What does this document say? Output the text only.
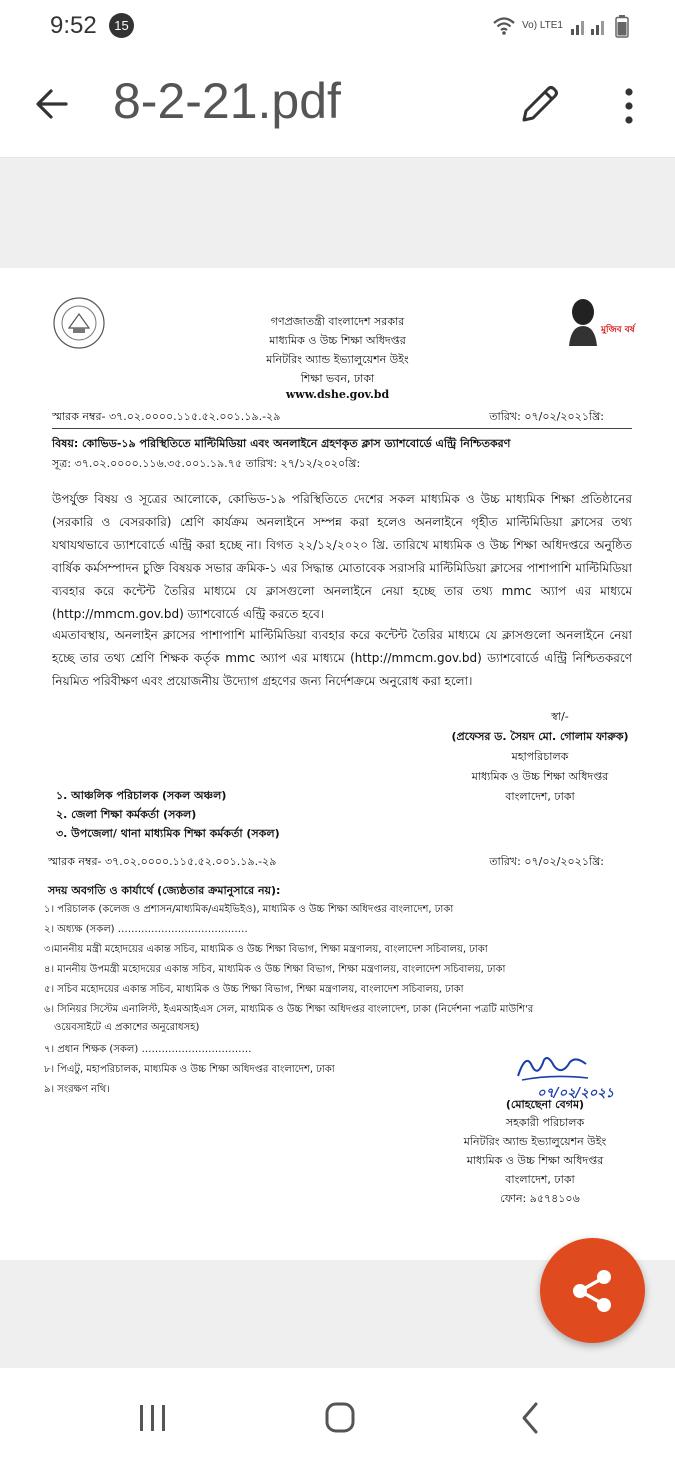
9:52	15	Vo) LTE1
8-2-21.pdf
মুজিব বর্ষ
গণপ্রজাতন্ত্রী বাংলাদেশ সরকার
মাধ্যমিক ও উচ্চ শিক্ষা অধিদপ্তর
মনিটরিং অ্যান্ড ইভ্যালুয়েশন উইং
শিক্ষা ভবন, ঢাকা
www.dshe.gov.bd
স্মারক নম্বর- ৩৭.০২.০০০০.১১৫.৫২.০০১.১৯.-২৯	তারিখ: ০৭/০২/২০২১খ্রি:
বিষয়: কোভিড-১৯ পরিস্থিতিতে মাল্টিমিডিয়া এবং অনলাইনে গ্রহণকৃত ক্লাস ড্যাশবোর্ডে এন্ট্রি নিশ্চিতকরণ
সূত্র: ৩৭.০২.০০০০.১১৬.৩৫.০০১.১৯.৭৫ তারিখ: ২৭/১২/২০২০খ্রি:
উপর্যুক্ত বিষয় ও সূত্রের আলোকে, কোভিড-১৯ পরিস্থিতিতে দেশের সকল মাধ্যমিক ও উচ্চ মাধ্যমিক শিক্ষা প্রতিষ্ঠানের (সরকারি ও বেসরকারি) শ্রেণি কার্যক্রম অনলাইনে সম্পন্ন করা হলেও অনলাইনে গৃহীত মাল্টিমিডিয়া ক্লাসের তথ্য যথাযথভাবে ড্যাশবোর্ডে এন্ট্রি করা হচ্ছে না। বিগত ২২/১২/২০২০ খ্রি. তারিখে মাধ্যমিক ও উচ্চ শিক্ষা অধিদপ্তরে অনুষ্ঠিত বার্ষিক কর্মসম্পাদন চুক্তি বিষয়ক সভার ক্রমিক-১ এর সিদ্ধান্ত মোতাবেক সরাসরি মাল্টিমিডিয়া ক্লাসের পাশাপাশি মাল্টিমিডিয়া ব্যবহার করে কন্টেন্ট তৈরির মাধ্যমে যে ক্লাসগুলো অনলাইনে নেয়া হচ্ছে তার তথ্য mmc অ্যাপ এর মাধ্যমে (http://mmcm.gov.bd) ড্যাশবোর্ডে এন্ট্রি করতে হবে।
এমতাবস্থায়, অনলাইন ক্লাসের পাশাপাশি মাল্টিমিডিয়া ব্যবহার করে কন্টেন্ট তৈরির মাধ্যমে যে ক্লাসগুলো অনলাইনে নেয়া হচ্ছে তার তথ্য শ্রেণি শিক্ষক কর্তৃক mmc অ্যাপ এর মাধ্যমে (http://mmcm.gov.bd) ড্যাশবোর্ডে এন্ট্রি নিশ্চিতকরণে নিয়মিত পরিবীক্ষণ এবং প্রয়োজনীয় উদ্যোগ গ্রহণের জন্য নির্দেশক্রমে অনুরোধ করা হলো।
স্বা/-
(প্রফেসর ড. সৈয়দ মো. গোলাম ফারুক)
মহাপরিচালক
মাধ্যমিক ও উচ্চ শিক্ষা অধিদপ্তর
বাংলাদেশ, ঢাকা
১. আঞ্চলিক পরিচালক (সকল অঞ্চল)
২. জেলা শিক্ষা কর্মকর্তা (সকল)
৩. উপজেলা/ থানা মাধ্যমিক শিক্ষা কর্মকর্তা (সকল)
স্মারক নম্বর- ৩৭.০২.০০০০.১১৫.৫২.০০১.১৯.-২৯	তারিখ: ০৭/০২/২০২১খ্রি:
সদয় অবগতি ও কার্যার্থে (জ্যেষ্ঠতার ক্রমানুসারে নয়):
১। পরিচালক (কলেজ ও প্রশাসন/মাধ্যমিক/এমইভিইও), মাধ্যমিক ও উচ্চ শিক্ষা অধিদপ্তর বাংলাদেশ, ঢাকা
২। অধ্যক্ষ (সকল) …………………………………
৩।মাননীয় মন্ত্রী মহোদয়ের একান্ত সচিব, মাধ্যমিক ও উচ্চ শিক্ষা বিভাগ, শিক্ষা মন্ত্রণালয়, বাংলাদেশ সচিবালয়, ঢাকা
৪। মাননীয় উপমন্ত্রী মহোদয়ের একান্ত সচিব, মাধ্যমিক ও উচ্চ শিক্ষা বিভাগ, শিক্ষা মন্ত্রণালয়, বাংলাদেশ সচিবালয়, ঢাকা
৫। সচিব মহোদয়ের একান্ত সচিব, মাধ্যমিক ও উচ্চ শিক্ষা বিভাগ, শিক্ষা মন্ত্রণালয়, বাংলাদেশ সচিবালয়, ঢাকা
৬। সিনিয়র সিস্টেম এনালিস্ট, ইএমআইএস সেল, মাধ্যমিক ও উচ্চ শিক্ষা অধিদপ্তর বাংলাদেশ, ঢাকা (নির্দেশনা পত্রটি মাউশি'র
ওয়েবসাইটে এ প্রকাশের অনুরোধসহ)
৭। প্রধান শিক্ষক (সকল) ……………………………
৮। পিএটু, মহাপরিচালক, মাধ্যমিক ও উচ্চ শিক্ষা অধিদপ্তর বাংলাদেশ, ঢাকা
৯। সংরক্ষণ নথি।	০৭/০২/২০২১
(মোহছেনা বেগম)
সহকারী পরিচালক
মনিটরিং অ্যান্ড ইভ্যালুয়েশন উইং
মাধ্যমিক ও উচ্চ শিক্ষা অধিদপ্তর
বাংলাদেশ, ঢাকা
ফোন: ৯৫৭৪১০৬
